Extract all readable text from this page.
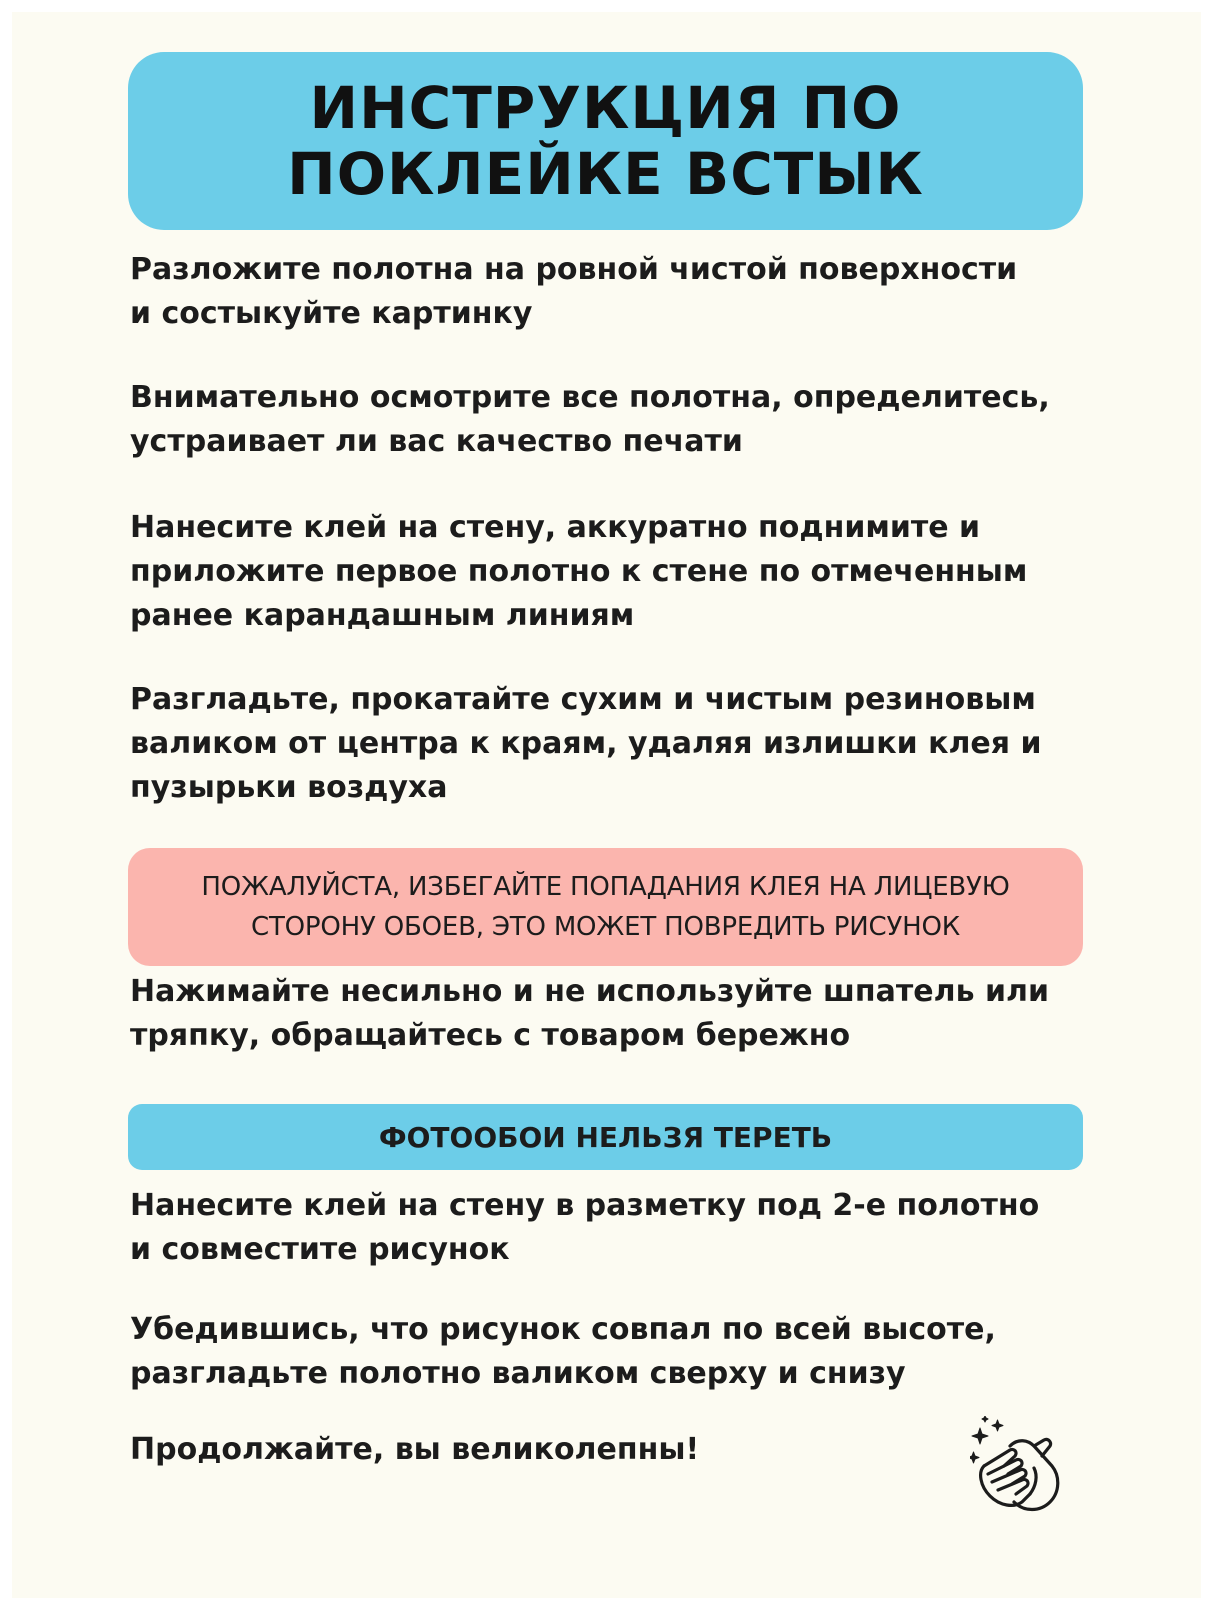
ИНСТРУКЦИЯ ПО
ПОКЛЕЙКЕ ВСТЫК
Разложите полотна на ровной чистой поверхности
и состыкуйте картинку
Внимательно осмотрите все полотна, определитесь,
устраивает ли вас качество печати
Нанесите клей на стену, аккуратно поднимите и
приложите первое полотно к стене по отмеченным
ранее карандашным линиям
Разгладьте, прокатайте сухим и чистым резиновым
валиком от центра к краям, удаляя излишки клея и
пузырьки воздуха
ПОЖАЛУЙСТА, ИЗБЕГАЙТЕ ПОПАДАНИЯ КЛЕЯ НА ЛИЦЕВУЮ
СТОРОНУ ОБОЕВ, ЭТО МОЖЕТ ПОВРЕДИТЬ РИСУНОК
Нажимайте несильно и не используйте шпатель или
тряпку, обращайтесь с товаром бережно
ФОТООБОИ НЕЛЬЗЯ ТЕРЕТЬ
Нанесите клей на стену в разметку под 2-е полотно
и совместите рисунок
Убедившись, что рисунок совпал по всей высоте,
разгладьте полотно валиком сверху и снизу
Продолжайте, вы великолепны!
